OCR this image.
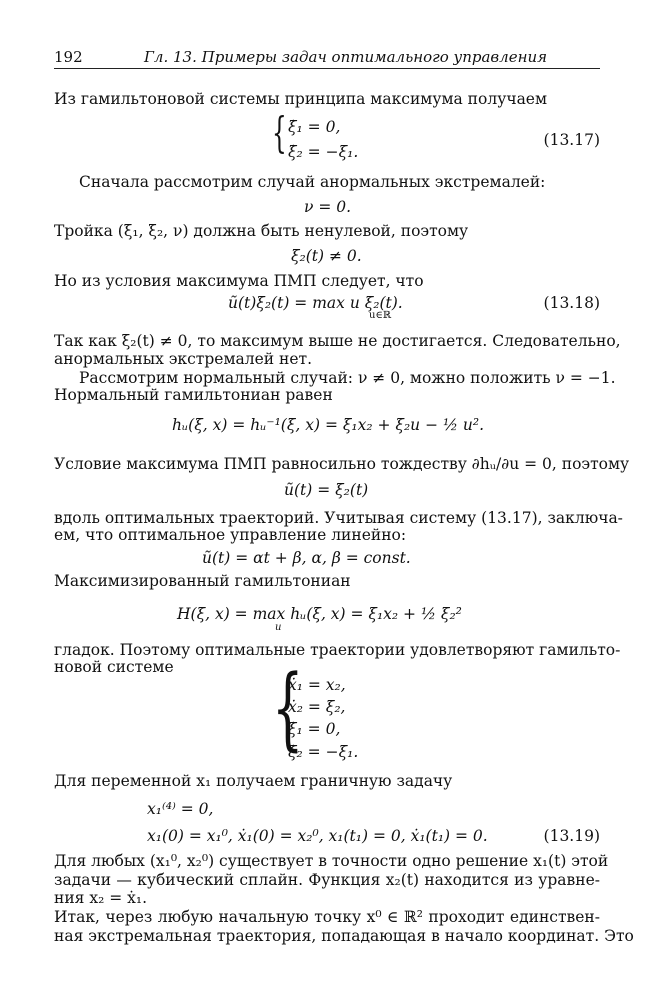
192	Гл. 13. Примеры задач оптимального управления
Из гамильтоновой системы принципа максимума получаем
{ ξ̇₁ = 0,
ξ̇₂ = −ξ₁.
(13.17)
Сначала рассмотрим случай анормальных экстремалей:
ν = 0.
Тройка (ξ₁, ξ₂, ν) должна быть ненулевой, поэтому
ξ₂(t) ≠ 0.
Но из условия максимума ПМП следует, что
ũ(t)ξ₂(t) = max u ξ₂(t).
u∈ℝ
(13.18)
Так как ξ₂(t) ≠ 0, то максимум выше не достигается. Следовательно,
анормальных экстремалей нет.
Рассмотрим нормальный случай: ν ≠ 0, можно положить ν = −1.
Нормальный гамильтониан равен
hᵤ(ξ, x) = hᵤ⁻¹(ξ, x) = ξ₁x₂ + ξ₂u − ½ u².
Условие максимума ПМП равносильно тождеству ∂hᵤ/∂u = 0, поэтому
ũ(t) = ξ₂(t)
вдоль оптимальных траекторий. Учитывая систему (13.17), заключа-
ем, что оптимальное управление линейно:
ũ(t) = αt + β, α, β = const.
Максимизированный гамильтониан
H(ξ, x) = max hᵤ(ξ, x) = ξ₁x₂ + ½ ξ₂²
u
гладок. Поэтому оптимальные траектории удовлетворяют гамильто-
новой системе {
ẋ₁ = x₂,
ẋ₂ = ξ₂,
ξ̇₁ = 0,
ξ̇₂ = −ξ₁.
Для переменной x₁ получаем граничную задачу
x₁⁽⁴⁾ = 0,
x₁(0) = x₁⁰, ẋ₁(0) = x₂⁰, x₁(t₁) = 0, ẋ₁(t₁) = 0.	(13.19)
Для любых (x₁⁰, x₂⁰) существует в точности одно решение x₁(t) этой
задачи — кубический сплайн. Функция x₂(t) находится из уравне-
ния x₂ = ẋ₁.
Итак, через любую начальную точку x⁰ ∈ ℝ² проходит единствен-
ная экстремальная траектория, попадающая в начало координат. Это
